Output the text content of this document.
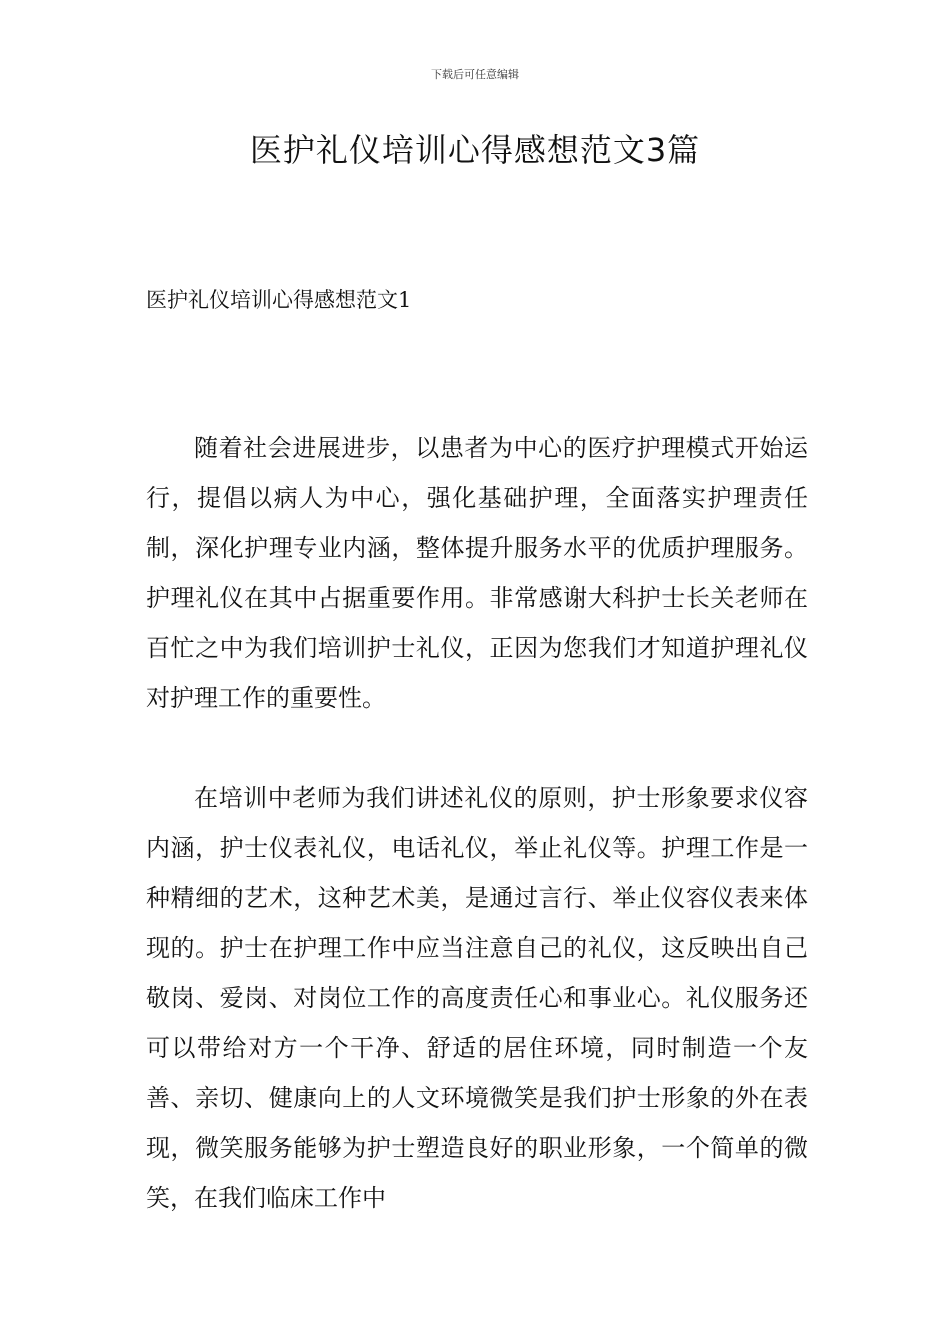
下载后可任意编辑
医护礼仪培训心得感想范文3篇
医护礼仪培训心得感想范文1

随着社会进展进步，以患者为中心的医疗护理模式开始运行，提倡以病人为中心，强化基础护理，全面落实护理责任制，深化护理专业内涵，整体提升服务水平的优质护理服务。护理礼仪在其中占据重要作用。非常感谢大科护士长关老师在百忙之中为我们培训护士礼仪，正因为您我们才知道护理礼仪对护理工作的重要性。

在培训中老师为我们讲述礼仪的原则，护士形象要求仪容内涵，护士仪表礼仪，电话礼仪，举止礼仪等。护理工作是一种精细的艺术，这种艺术美，是通过言行、举止仪容仪表来体现的。护士在护理工作中应当注意自己的礼仪，这反映出自己敬岗、爱岗、对岗位工作的高度责任心和事业心。礼仪服务还可以带给对方一个干净、舒适的居住环境，同时制造一个友善、亲切、健康向上的人文环境微笑是我们护士形象的外在表现，微笑服务能够为护士塑造良好的职业形象，一个简单的微笑，在我们临床工作中
